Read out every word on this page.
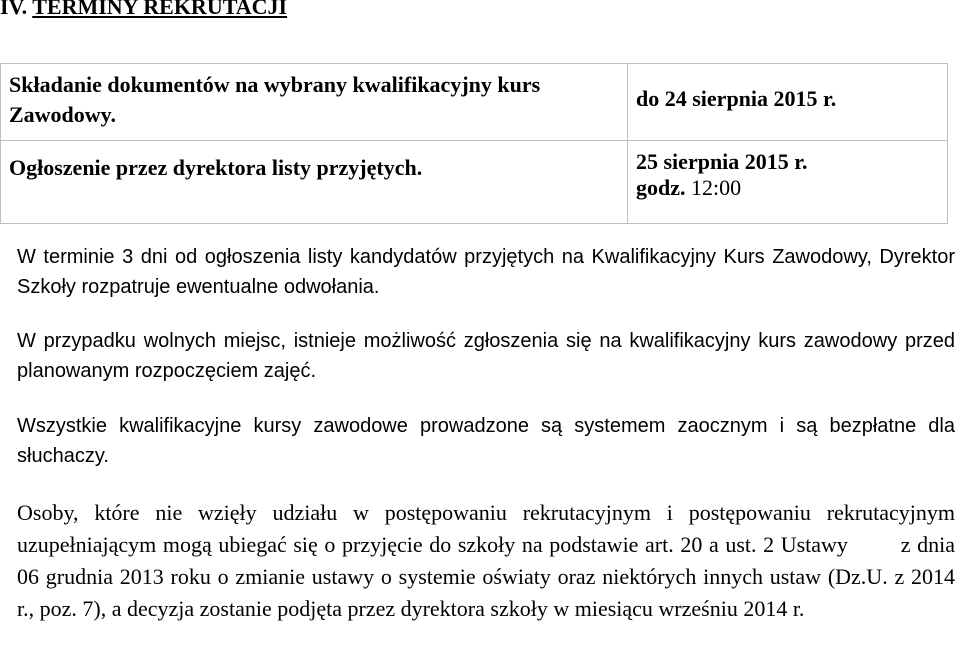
IV. TERMINY REKRUTACJI
Składanie dokumentów na wybrany kwalifikacyjny kurs Zawodowy.	do 24 sierpnia 2015 r.

Ogłoszenie przez dyrektora listy przyjętych.	25 sierpnia 2015 r.
godz. 12:00

W terminie 3 dni od ogłoszenia listy kandydatów przyjętych na Kwalifikacyjny Kurs Zawodowy, Dyrektor Szkoły rozpatruje ewentualne odwołania.

W przypadku wolnych miejsc, istnieje możliwość zgłoszenia się na kwalifikacyjny kurs zawodowy przed planowanym rozpoczęciem zajęć.

Wszystkie kwalifikacyjne kursy zawodowe prowadzone są systemem zaocznym i są bezpłatne dla słuchaczy.

Osoby, które nie wzięły udziału w postępowaniu rekrutacyjnym i postępowaniu rekrutacyjnym uzupełniającym mogą ubiegać się o przyjęcie do szkoły na podstawie art. 20 a ust. 2 Ustawy        z dnia 06 grudnia 2013 roku o zmianie ustawy o systemie oświaty oraz niektórych innych ustaw (Dz.U. z 2014 r., poz. 7), a decyzja zostanie podjęta przez dyrektora szkoły w miesiącu wrześniu 2014 r.
